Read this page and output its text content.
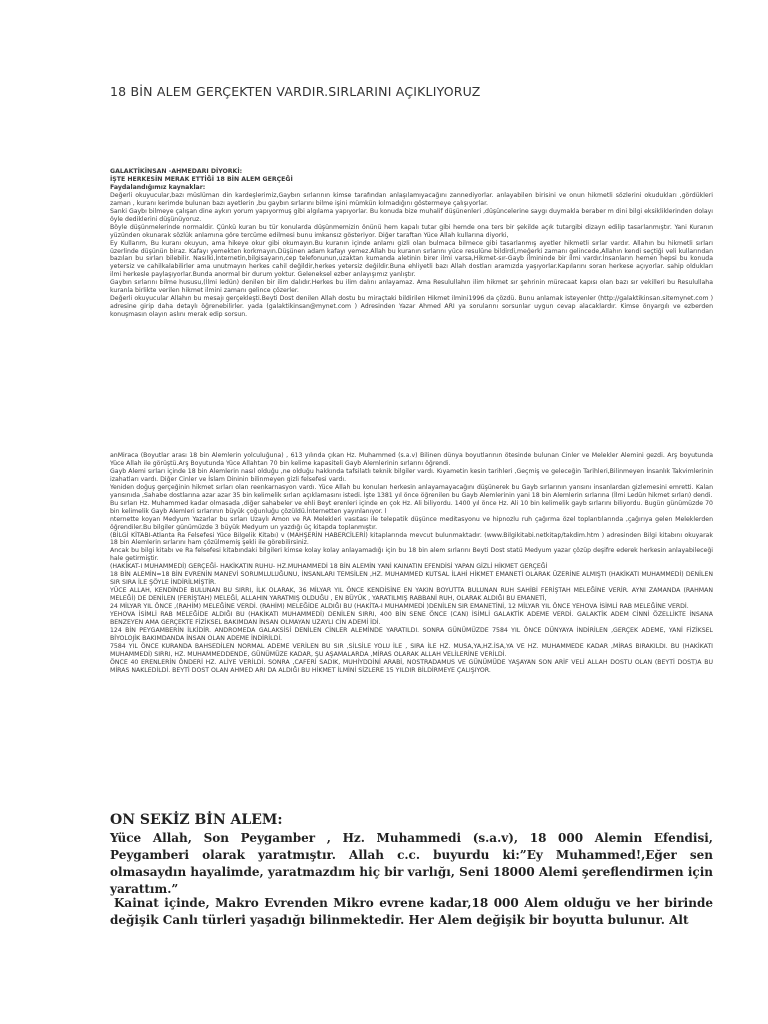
18 BİN ALEM GERÇEKTEN VARDIR.SIRLARINI AÇIKLIYORUZ

GALAKTİKİNSAN -AHMEDARI DİYORKİ:

İŞTE HERKESİN MERAK ETTİĞİ 18 BİN ALEM GERÇEĞİ

Faydalandığımız kaynaklar:

Değerli okuyucular,bazı müslüman din kardeşlerimiz,Gaybın sırlarının kimse tarafından anlaşılamıyacağını zannediyorlar. anlayabilen birisini ve onun hikmetli sözlerini okudukları ,gördükleri zaman , kuranı kerimde bulunan bazı ayetlerin ,bu gaybın sırlarını bilme işini mümkün kılmadığını göstermeye çalışıyorlar.

Sanki Gaybı bilmeye çalışan dine aykırı yorum yapıyormuş gibi algılama yapıyorlar. Bu konuda bize muhalif düşünenleri ,düşüncelerine saygı duymakla beraber m dini bilgi eksikliklerinden dolayı öyle dediklerini düşünüyoruz.

Böyle düşünmelerinde normaldir. Çünkü kuran bu tür konularda düşünmemizin önünü hem kapalı tutar gibi hemde ona ters bir şekilde açık tutargibi dizayn edilip tasarlanmıştır. Yani Kuranın yüzünden okunarak sözlük anlamına göre tercüme edilmesi bunu imkansız gösteriyor. Diğer taraftan Yüce Allah kullarına diyorki,

Ey Kullarım, Bu kuranı okuyun, ama hikeye okur gibi okumayın.Bu kuranın içinde anlamı gizli olan bulmaca bilmece gibi tasarlanmış ayetler hikmetli sırlar vardır. Allahın bu hikmetli sırları üzerlinde düşünün biraz. Kafayı yemekten korkmayın.Düşünen adam kafayı yemez.Allah bu kuranın sırlarını yüce resulüne bildirdi,meğerki zamanı gelincede,Allahın kendi seçtiği veli kullarından bazıları bu sırları bilebilir. Nasılki,İnternetin,bilgisayarın,cep telefonunun,uzaktan kumanda aletinin birer ilmi varsa,Hikmet-sır-Gayb ilmininde bir ilmi vardır.İnsanların hemen hepsi bu konuda yetersiz ve cahilkalabilirler ama unutmayın herkes cahil değildir,herkes yetersiz değildir.Buna ehliyetli bazı Allah dostları aramızda yaşıyorlar.Kapılarını soran herkese açıyorlar. sahip oldukları ilmi herkesle paylaşıyorlar.Bunda anormal bir durum yoktur. Geleneksel ezber anlayışımız yanlıştır.

Gaybın sırlarını bilme hususu,(İlmi ledün) denilen bir ilim dalıdır.Herkes bu ilim dalını anlayamaz. Ama Resulullahın ilim hikmet sır şehrinin mürecaat kapısı olan bazı sır vekilleri bu Resulullaha kuranla birlikte verilen hikmet ilmini zamanı gelince çözerler.

Değerli okuyucular Allahın bu mesajı gerçekleşti.Beyti Dost denilen Allah dostu bu miraçtaki bildirilen Hikmet ilmini1996 da çözdü. Bunu anlamak isteyenler (http://galaktikinsan.sitemynet.com ) adresine girip daha detaylı öğrenebilirler. yada (galaktikinsan@mynet.com ) Adresinden Yazar Ahmed ARI ya sorularını sorsunlar uygun cevap alacaklardır. Kimse önyargılı ve ezberden konuşmasın olayın aslını merak edip sorsun.

anMiraca (Boyutlar arası 18 bin Alemlerin yolculuğuna) , 613 yılında çıkan Hz. Muhammed (s.a.v) Bilinen dünya boyutlarının ötesinde bulunan Cinler ve Melekler Alemini gezdi. Arş boyutunda Yüce Allah ile görüştü.Arş Boyutunda Yüce Allahtan 70 bin kelime kapasiteli Gayb Alemlerinin sırlarını öğrendi.

Gayb Alemi sırları içinde 18 bin Alemlerin nasıl olduğu ,ne olduğu hakkında tafsilatlı teknik bilgiler vardı. Kıyametin kesin tarihleri ,Geçmiş ve geleceğin Tarihleri,Bilinmeyen İnsanlık Takvimlerinin izahatları vardı. Diğer Cinler ve İslam Dininin bilinmeyen gizli felsefesi vardı.

Yeniden doğuş gerçeğinin hikmet sırları olan reenkarnasyon vardı. Yüce Allah bu konuları herkesin anlayamayacağını düşünerek bu Gayb sırlarının yarısını insanlardan gizlemesini emretti. Kalan yarısınıda ,Sahabe dostlarına azar azar 35 bin kelimelik sırları açıklamasını istedi. İşte 1381 yıl önce öğrenilen bu Gayb Alemlerinin yani 18 bin Alemlerin sırlarına (İlmi Ledün hikmet sırları) dendi.

Bu sırları Hz. Muhammed kadar olmasada ,diğer sahabeler ve ehli Beyt erenleri içinde en çok Hz. Ali biliyordu. 1400 yıl önce Hz. Ali 10 bin kelimelik gayb sırlarını biliyordu. Bugün günümüzde 70 bin kelimelik Gayb Alemleri sırlarının büyük çoğunluğu çözüldü.İnternetten yayınlanıyor. l

nternette koyan Medyum Yazarlar bu sırları Uzaylı Amon ve RA Melekleri vasıtası ile telepatik düşünce meditasyonu ve hipnozlu ruh çağırma özel toplantılarında ,çağırıya gelen Meleklerden öğrendiler.Bu bilgiler günümüzde 3 büyük Medyum un yazdığı üç kitapda toplanmıştır.

(BİLGİ KİTABI-Atlanta Ra Felsefesi Yüce Bilgelik Kitabı) v (MAHŞERİN HABERCİLERİ) kitaplarında mevcut bulunmaktadır. (www.Bilgikitabi.netkitap/takdim.htm ) adresinden Bilgi kitabını okuyarak 18 bin Alemlerin sırlarını ham çözülmemiş şekli ile görebilirsiniz.

Ancak bu bilgi kitabı ve Ra felsefesi kitabındaki bilgileri kimse kolay kolay anlayamadığı için bu 18 bin alem sırlarını Beyti Dost statü Medyum yazar çözüp deşifre ederek herkesin anlayabileceği hale getirmiştir.

(HAKİKAT-I MUHAMMEDİ) GERÇEĞİ- HAKİKATIN RUHU- HZ.MUHAMMEDİ 18 BİN ALEMİN YANİ KAINATIN EFENDİSİ YAPAN GİZLİ HİKMET GERÇEĞİ

18 BİN ALEMİN=18 BİN EVRENİN MANEVİ SORUMLULUĞUNU, İNSANLARI TEMSİLEN ,HZ. MUHAMMED KUTSAL İLAHİ HİKMET EMANETİ OLARAK ÜZERİNE ALMIŞTI (HAKİKATI MUHAMMEDİ) DENİLEN SIR SIRA İLE ŞÖYLE İNDİRİLMİŞTİR.

YÜCE ALLAH, KENDİNDE BULUNAN BU SIRRI, İLK OLARAK, 36 MİLYAR YIL ÖNCE KENDİSİNE EN YAKIN BOYUTTA BULUNAN RUH SAHİBİ FERİŞTAH MELEĞİNE VERİR. AYNI ZAMANDA (RAHMAN MELEĞİ) DE DENİLEN (FERİŞTAH) MELEĞİ, ALLAHIN YARATMIŞ OLDUĞU , EN BÜYÜK , YARATILMIŞ RABBANİ RUH, OLARAK ALDIĞI BU EMANETİ,

24 MİLYAR YIL ÖNCE ,(RAHİM) MELEĞİNE VERDİ. (RAHİM) MELEĞİDE ALDIĞI BU (HAKİTA-I MUHAMMEDİ )DENİLEN SIR EMANETİNİ, 12 MİLYAR YIL ÖNCE YEHOVA İSİMLİ RAB MELEĞİNE VERDİ.

YEHOVA İSİMLİ RAB MELEĞİDE ALDIĞI BU (HAKİKATI MUHAMMEDİ) DENİLEN SIRRI, 400 BİN SENE ÖNCE (CAN) İSİMLİ GALAKTİK ADEME VERDİ. GALAKTİK ADEM CİNNİ ÖZELLİKTE İNSANA BENZEYEN AMA GERÇEKTE FİZİKSEL BAKIMDAN İNSAN OLMAYAN UZAYLI CİN ADEMİ İDİ.

124 BİN PEYGAMBERİN İLKİDİR. ANDROMEDA GALAKSİSİ DENİLEN CİNLER ALEMİNDE YARATILDI. SONRA GÜNÜMÜZDE 7584 YIL ÖNCE DÜNYAYA İNDİRİLEN ,GERÇEK ADEME, YANİ FİZİKSEL BİYOLOJİK BAKIMDANDA İNSAN OLAN ADEME İNDİRİLDİ.

7584 YIL ÖNCE KURANDA BAHSEDİLEN NORMAL ADEME VERİLEN BU SIR ,SİLSİLE YOLU İLE , SIRA İLE HZ. MUSA,YA,HZ.İSA,YA VE HZ. MUHAMMEDE KADAR ,MİRAS BIRAKILDI. BU (HAKİKATI MUHAMMEDİ) SIRRI, HZ. MUHAMMEDDENDE, GÜNÜMÜZE KADAR, ŞU AŞAMALARDA ,MİRAS OLARAK ALLAH VELİLERİNE VERİLDİ.

ÖNCE 40 ERENLERİN ÖNDERİ HZ. ALİYE VERİLDİ. SONRA ,CAFERİ SADIK, MUHİYDDİNİ ARABİ, NOSTRADAMUS VE GÜNÜMÜDE YAŞAYAN SON ARİF VELİ ALLAH DOSTU OLAN (BEYTİ DOST)A BU MİRAS NAKLEDİLDİ. BEYTİ DOST OLAN AHMED ARI DA ALDIĞI BU HİKMET İLMİNİ SİZLERE 15 YILDIR BİLDİRMEYE ÇALIŞIYOR.

ON SEKİZ BİN ALEM:
Yüce Allah, Son Peygamber , Hz. Muhammedi (s.a.v), 18 000 Alemin Efendisi, Peygamberi olarak yaratmıştır. Allah c.c. buyurdu ki:”Ey Muhammed!,Eğer sen olmasaydın hayalimde, yaratmazdım hiç bir varlığı, Seni 18000 Alemi şereflendirmen için yarattım.”
Kainat içinde, Makro Evrenden Mikro evrene kadar,18 000 Alem olduğu ve her birinde değişik Canlı türleri yaşadığı bilinmektedir. Her Alem değişik bir boyutta bulunur. Alt
